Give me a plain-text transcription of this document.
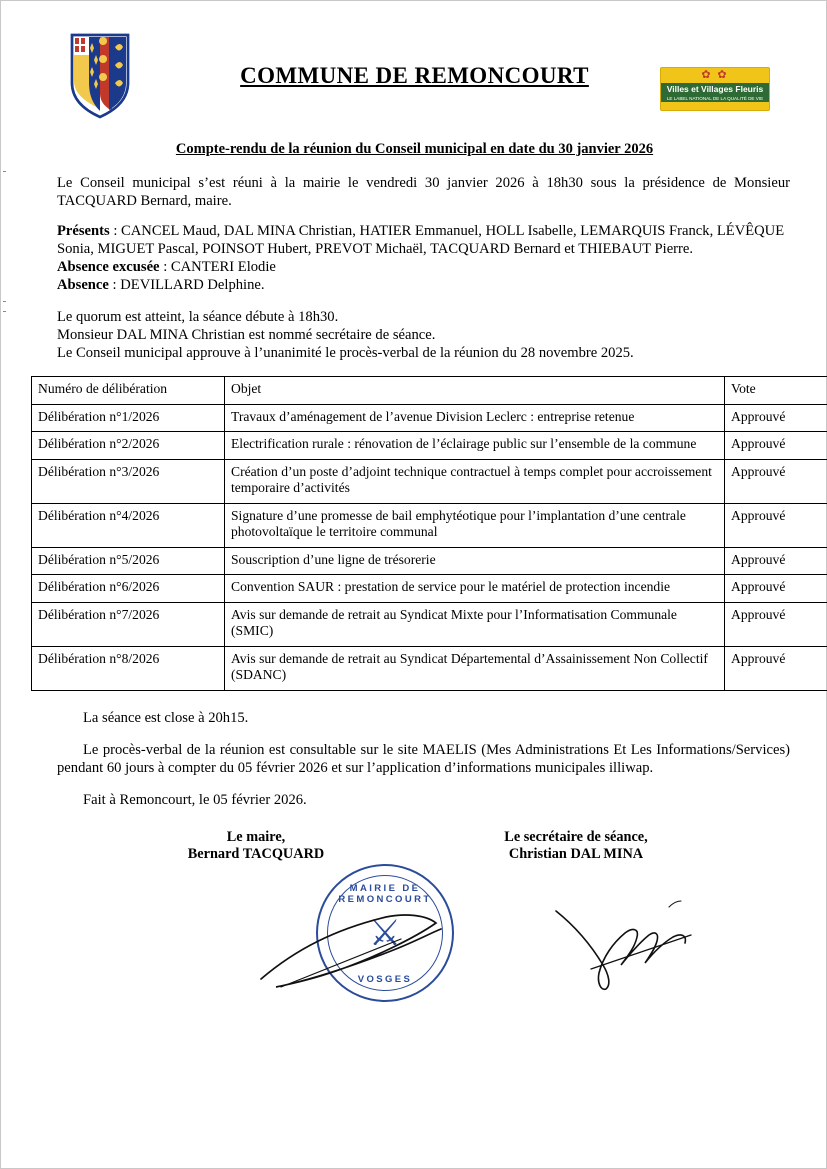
COMMUNE DE REMONCOURT	✿ ✿
Villes et Villages Fleuris
LE LABEL NATIONAL DE LA QUALITÉ DE VIE
Compte-rendu de la réunion du Conseil municipal en date du 30 janvier 2026

Le Conseil municipal s’est réuni à la mairie le vendredi 30 janvier 2026 à 18h30 sous la présidence de Monsieur TACQUARD Bernard, maire.

Présents : CANCEL Maud, DAL MINA Christian, HATIER Emmanuel, HOLL Isabelle, LEMARQUIS Franck, LÉVÊQUE Sonia, MIGUET Pascal, POINSOT Hubert, PREVOT Michaël, TACQUARD Bernard et THIEBAUT Pierre.
Absence excusée : CANTERI Elodie
Absence : DEVILLARD Delphine.
Le quorum est atteint, la séance débute à 18h30.
Monsieur DAL MINA Christian est nommé secrétaire de séance.
Le Conseil municipal approuve à l’unanimité le procès-verbal de la réunion du 28 novembre 2025.
Numéro de délibération	Objet	Vote
Délibération n°1/2026	Travaux d’aménagement de l’avenue Division Leclerc : entreprise retenue	Approuvé
Délibération n°2/2026	Electrification rurale : rénovation de l’éclairage public sur l’ensemble de la commune	Approuvé
Délibération n°3/2026	Création d’un poste d’adjoint technique contractuel à temps complet pour accroissement temporaire d’activités	Approuvé
Délibération n°4/2026	Signature d’une promesse de bail emphytéotique pour l’implantation d’une centrale photovoltaïque le territoire communal	Approuvé
Délibération n°5/2026	Souscription d’une ligne de trésorerie	Approuvé
Délibération n°6/2026	Convention SAUR : prestation de service pour le matériel de protection incendie	Approuvé
Délibération n°7/2026	Avis sur demande de retrait au Syndicat Mixte pour l’Informatisation Communale (SMIC)	Approuvé
Délibération n°8/2026	Avis sur demande de retrait au Syndicat Départemental d’Assainissement Non Collectif (SDANC)	Approuvé

La séance est close à 20h15.

Le procès-verbal de la réunion est consultable sur le site MAELIS (Mes Administrations Et Les Informations/Services) pendant 60 jours à compter du 05 février 2026 et sur l’application d’informations municipales illiwap.

Fait à Remoncourt, le 05 février 2026.

Le maire,
Bernard TACQUARD
Le secrétaire de séance,
Christian DAL MINA
MAIRIE DE REMONCOURT
⚔
VOSGES
